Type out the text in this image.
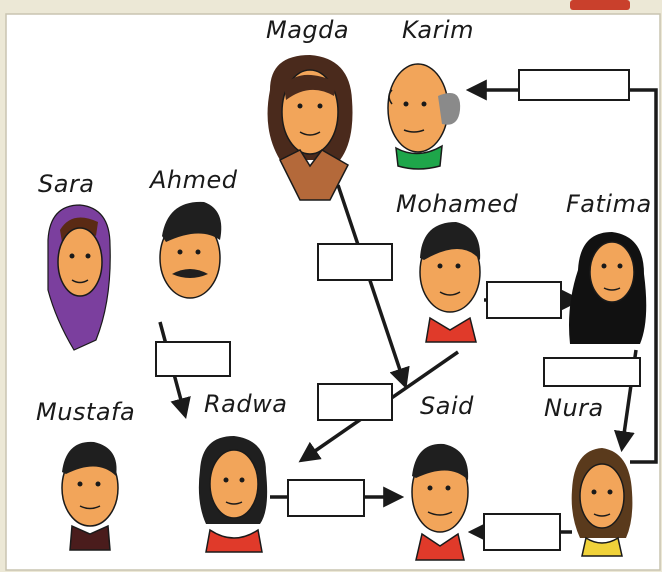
Magda Karim
Sara Ahmed
Mohamed Fatima
Mustafa	Radwa	Said	Nura
